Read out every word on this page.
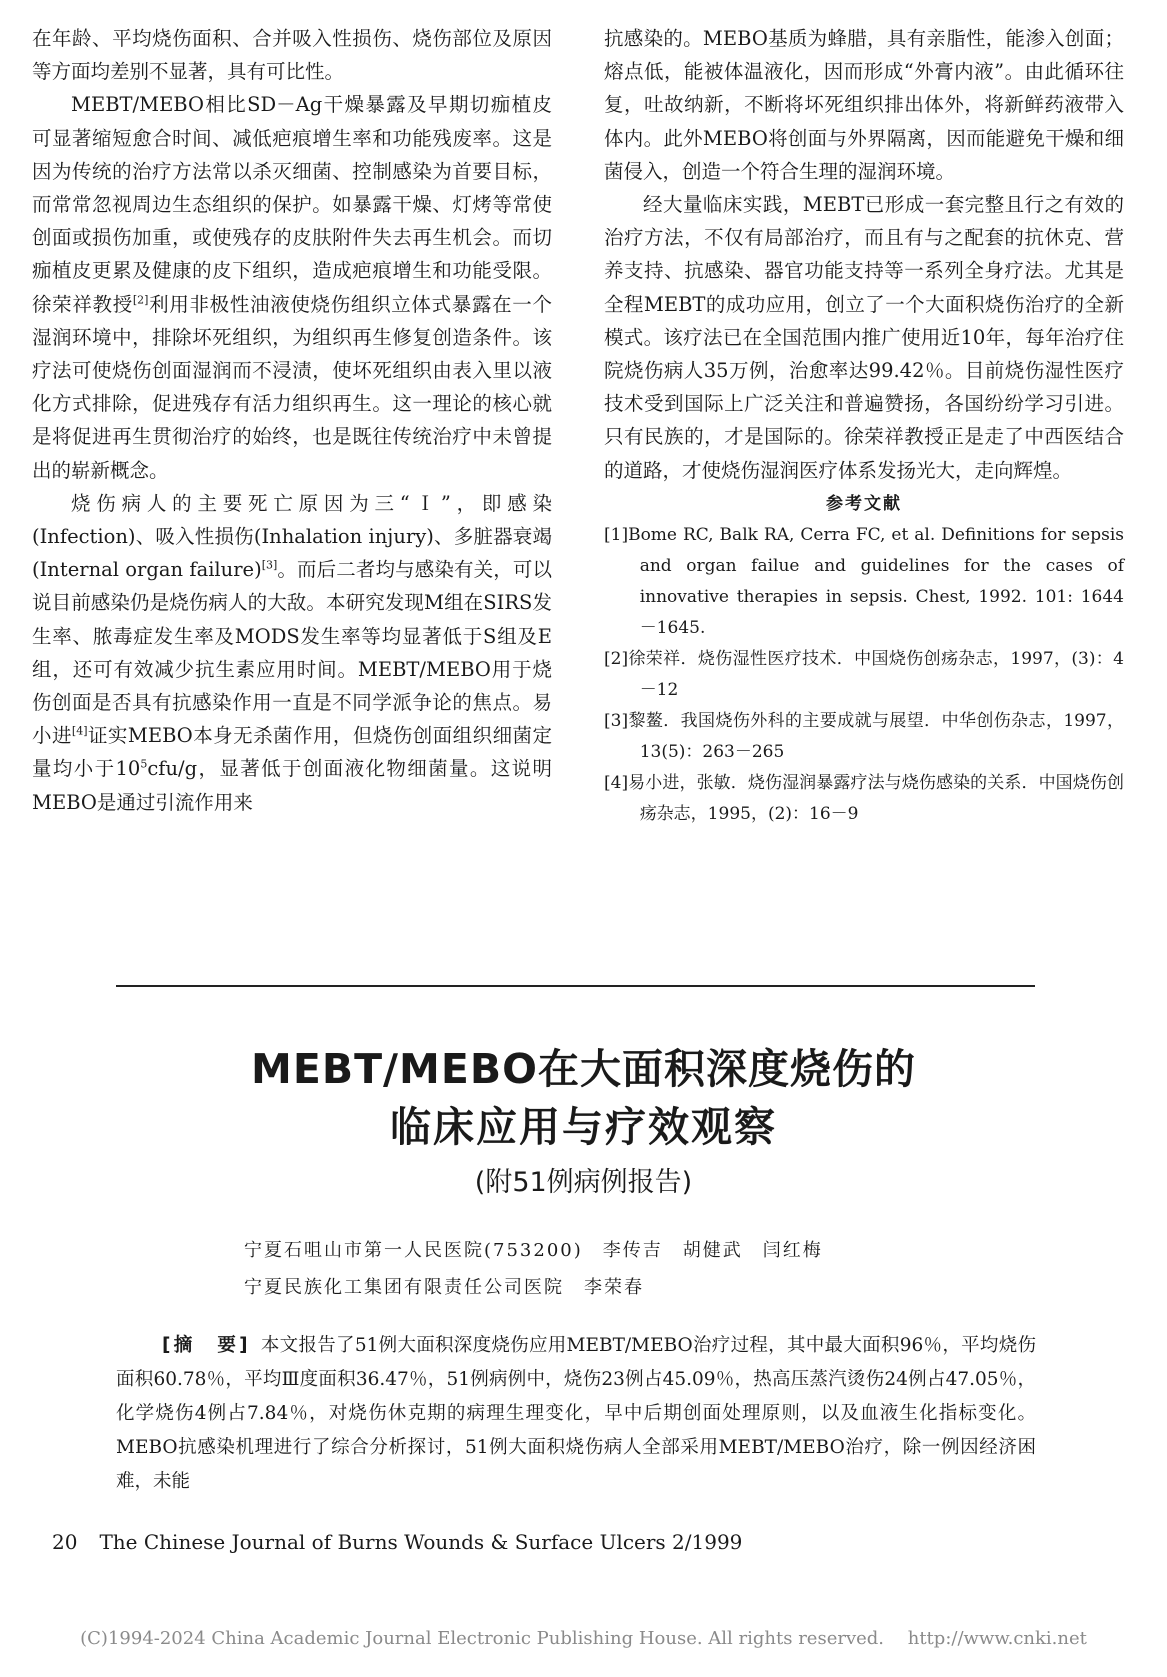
在年龄、平均烧伤面积、合并吸入性损伤、烧伤部位及原因等方面均差别不显著，具有可比性。

MEBT/MEBO相比SD－Ag干燥暴露及早期切痂植皮可显著缩短愈合时间、减低疤痕增生率和功能残废率。这是因为传统的治疗方法常以杀灭细菌、控制感染为首要目标，而常常忽视周边生态组织的保护。如暴露干燥、灯烤等常使创面或损伤加重，或使残存的皮肤附件失去再生机会。而切痂植皮更累及健康的皮下组织，造成疤痕增生和功能受限。徐荣祥教授[2]利用非极性油液使烧伤组织立体式暴露在一个湿润环境中，排除坏死组织，为组织再生修复创造条件。该疗法可使烧伤创面湿润而不浸渍，使坏死组织由表入里以液化方式排除，促进残存有活力组织再生。这一理论的核心就是将促进再生贯彻治疗的始终，也是既往传统治疗中未曾提出的崭新概念。

烧伤病人的主要死亡原因为三“Ｉ”，即感染(Infection)、吸入性损伤(Inhalation injury)、多脏器衰竭(Internal organ failure)[3]。而后二者均与感染有关，可以说目前感染仍是烧伤病人的大敌。本研究发现M组在SIRS发生率、脓毒症发生率及MODS发生率等均显著低于S组及E组，还可有效减少抗生素应用时间。MEBT/MEBO用于烧伤创面是否具有抗感染作用一直是不同学派争论的焦点。易小进[4]证实MEBO本身无杀菌作用，但烧伤创面组织细菌定量均小于$10^5cfu/g$，显著低于创面液化物细菌量。这说明MEBO是通过引流作用来

抗感染的。MEBO基质为蜂腊，具有亲脂性，能渗入创面；熔点低，能被体温液化，因而形成“外膏内液”。由此循环往复，吐故纳新，不断将坏死组织排出体外，将新鲜药液带入体内。此外MEBO将创面与外界隔离，因而能避免干燥和细菌侵入，创造一个符合生理的湿润环境。

经大量临床实践，MEBT已形成一套完整且行之有效的治疗方法，不仅有局部治疗，而且有与之配套的抗休克、营养支持、抗感染、器官功能支持等一系列全身疗法。尤其是全程MEBT的成功应用，创立了一个大面积烧伤治疗的全新模式。该疗法已在全国范围内推广使用近10年，每年治疗住院烧伤病人35万例，治愈率达99.42％。目前烧伤湿性医疗技术受到国际上广泛关注和普遍赞扬，各国纷纷学习引进。只有民族的，才是国际的。徐荣祥教授正是走了中西医结合的道路，才使烧伤湿润医疗体系发扬光大，走向辉煌。

参考文献

[1]Bome RC, Balk RA, Cerra FC, et al. Definitions for sepsis and organ failue and guidelines for the cases of innovative therapies in sepsis. Chest, 1992. 101: 1644－1645.

[2]徐荣祥．烧伤湿性医疗技术．中国烧伤创疡杂志，1997，(3)：4－12

[3]黎鳌．我国烧伤外科的主要成就与展望．中华创伤杂志，1997，13(5)：263－265

[4]易小进，张敏．烧伤湿润暴露疗法与烧伤感染的关系．中国烧伤创疡杂志，1995，(2)：16－9

MEBT/MEBO在大面积深度烧伤的
临床应用与疗效观察
(附51例病例报告)
宁夏石咀山市第一人民医院(753200)　李传吉　胡健武　闫红梅
宁夏民族化工集团有限责任公司医院　李荣春

[摘　要] 本文报告了51例大面积深度烧伤应用MEBT/MEBO治疗过程，其中最大面积96％，平均烧伤面积60.78％，平均Ⅲ度面积36.47％，51例病例中，烧伤23例占45.09％，热高压蒸汽烫伤24例占47.05％，化学烧伤4例占7.84％，对烧伤休克期的病理生理变化，早中后期创面处理原则，以及血液生化指标变化。MEBO抗感染机理进行了综合分析探讨，51例大面积烧伤病人全部采用MEBT/MEBO治疗，除一例因经济困难，未能

20 The Chinese Journal of Burns Wounds & Surface Ulcers 2/1999
(C)1994-2024 China Academic Journal Electronic Publishing House. All rights reserved.　 http://www.cnki.net
